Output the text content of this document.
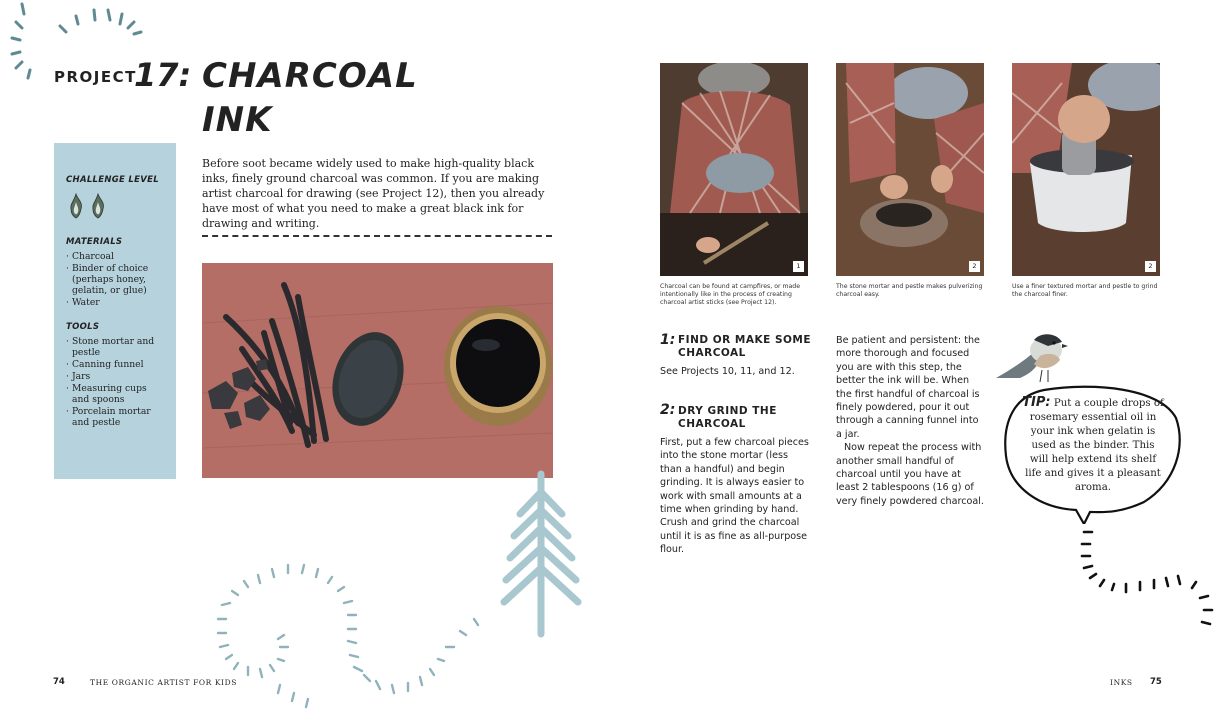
PROJECT
17: CHARCOAL
INK
CHALLENGE LEVEL
MATERIALS
· Charcoal
· Binder of choice (perhaps honey, gelatin, or glue)
· Water
TOOLS
· Stone mortar and pestle
· Canning funnel
· Jars
· Measuring cups and spoons
· Porcelain mortar and pestle

Before soot became widely used to make high-quality black inks, finely ground charcoal was common. If you are making artist charcoal for drawing (see Project 12), then you already have most of what you need to make a great black ink for drawing and writing.

1	2	2
Charcoal can be found at campfires, or made intentionally like in the process of creating charcoal artist sticks (see Project 12).
The stone mortar and pestle makes pulverizing charcoal easy.
Use a finer textured mortar and pestle to grind the charcoal finer.
1: FIND OR MAKE SOME CHARCOAL

See Projects 10, 11, and 12.

2: DRY GRIND THE CHARCOAL

First, put a few charcoal pieces into the stone mortar (less than a handful) and begin grinding. It is always easier to work with small amounts at a time when grinding by hand. Crush and grind the charcoal until it is as fine as all-purpose flour.

Be patient and persistent: the more thorough and focused you are with this step, the better the ink will be. When the first handful of charcoal is finely powdered, pour it out through a canning funnel into a jar.

Now repeat the process with another small handful of charcoal until you have at least 2 tablespoons (16 g) of very finely powdered charcoal.

TIP: Put a couple drops of rosemary essential oil in your ink when gelatin is used as the binder. This will help extend its shelf life and gives it a pleasant aroma.
74	THE ORGANIC ARTIST FOR KIDS	INKS 75
